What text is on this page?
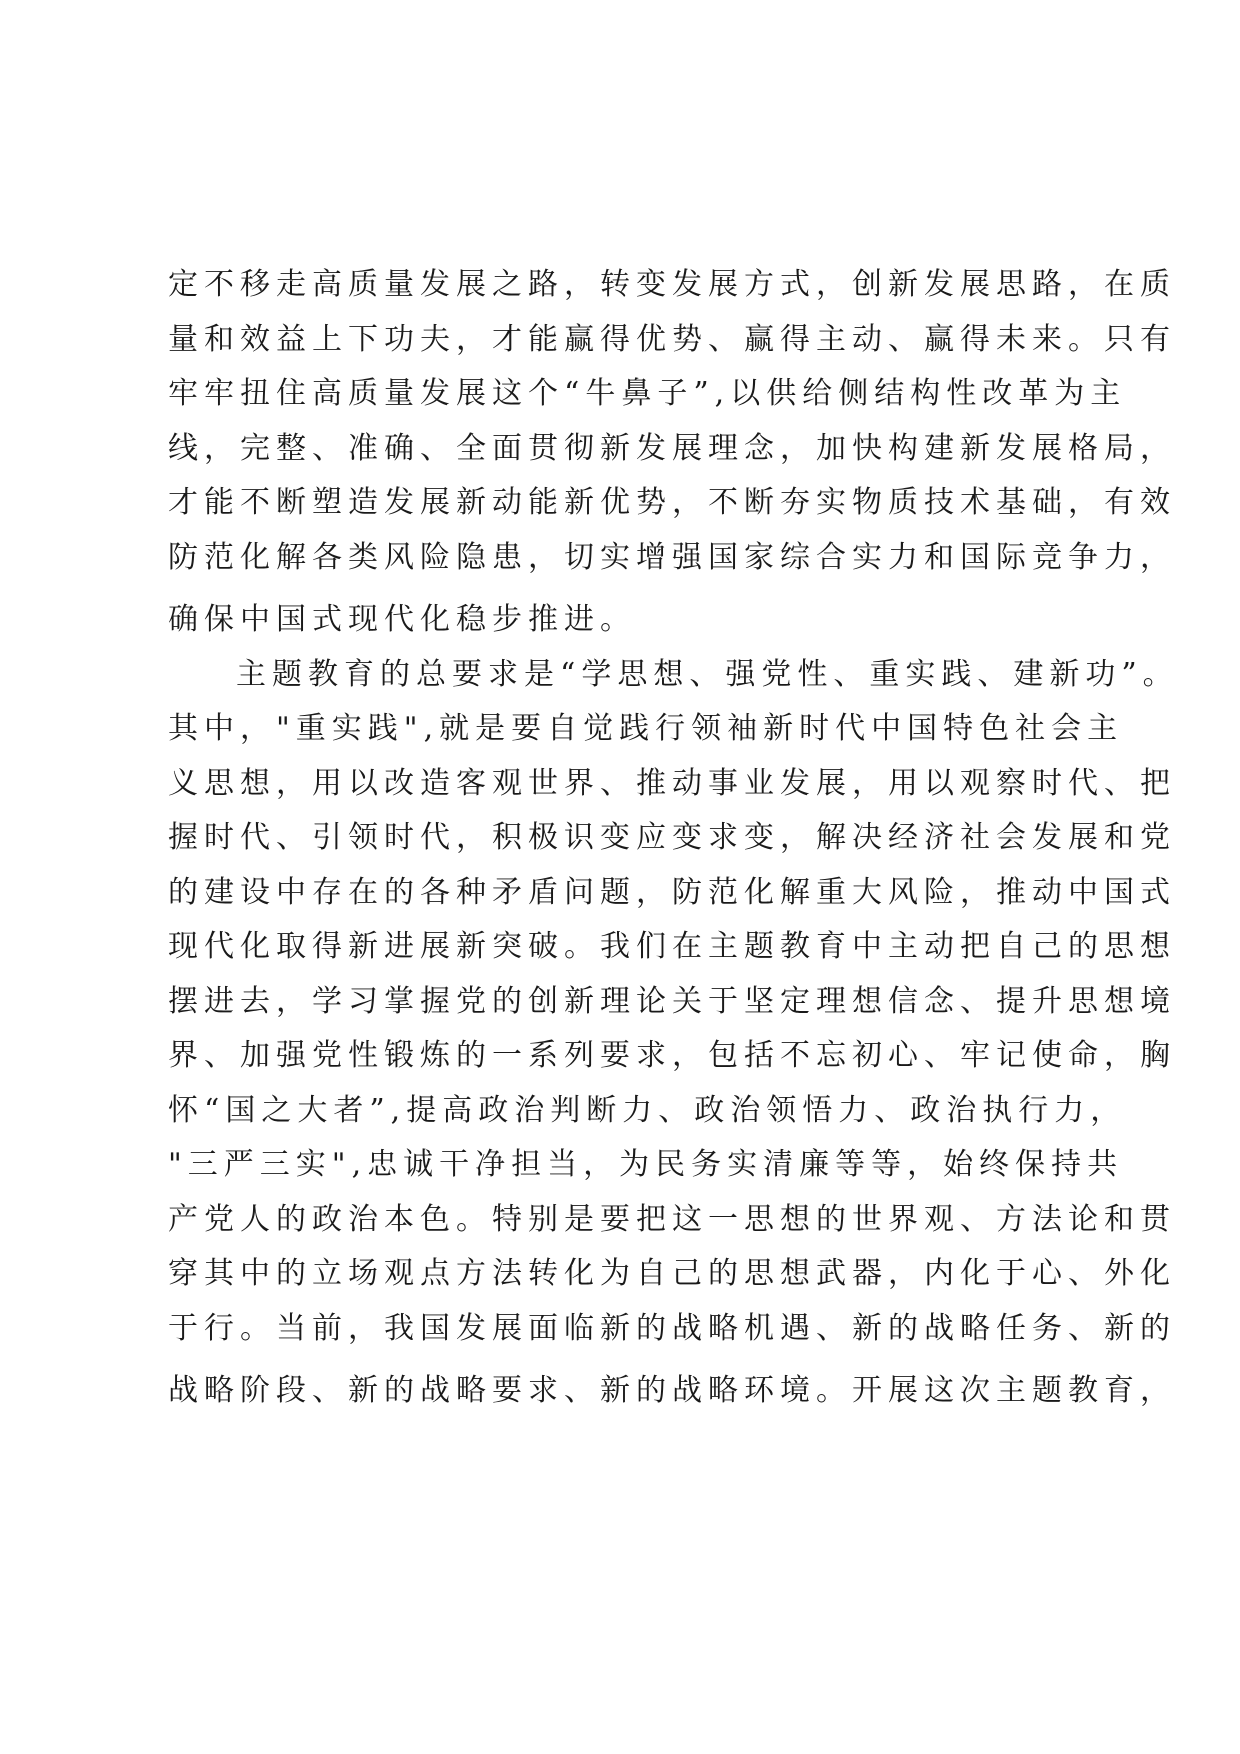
定不移走高质量发展之路，转变发展方式，创新发展思路，在质
量和效益上下功夫，才能赢得优势、赢得主动、赢得未来。只有
牢牢扭住高质量发展这个“牛鼻子”,以供给侧结构性改革为主
线，完整、准确、全面贯彻新发展理念，加快构建新发展格局，
才能不断塑造发展新动能新优势，不断夯实物质技术基础，有效
防范化解各类风险隐患，切实增强国家综合实力和国际竞争力，
确保中国式现代化稳步推进。
主题教育的总要求是“学思想、强党性、重实践、建新功”。
其中，"重实践",就是要自觉践行领袖新时代中国特色社会主
义思想，用以改造客观世界、推动事业发展，用以观察时代、把
握时代、引领时代，积极识变应变求变，解决经济社会发展和党
的建设中存在的各种矛盾问题，防范化解重大风险，推动中国式
现代化取得新进展新突破。我们在主题教育中主动把自己的思想
摆进去，学习掌握党的创新理论关于坚定理想信念、提升思想境
界、加强党性锻炼的一系列要求，包括不忘初心、牢记使命，胸
怀“国之大者”,提高政治判断力、政治领悟力、政治执行力，
"三严三实",忠诚干净担当，为民务实清廉等等，始终保持共
产党人的政治本色。特别是要把这一思想的世界观、方法论和贯
穿其中的立场观点方法转化为自己的思想武器，内化于心、外化
于行。当前，我国发展面临新的战略机遇、新的战略任务、新的
战略阶段、新的战略要求、新的战略环境。开展这次主题教育，
